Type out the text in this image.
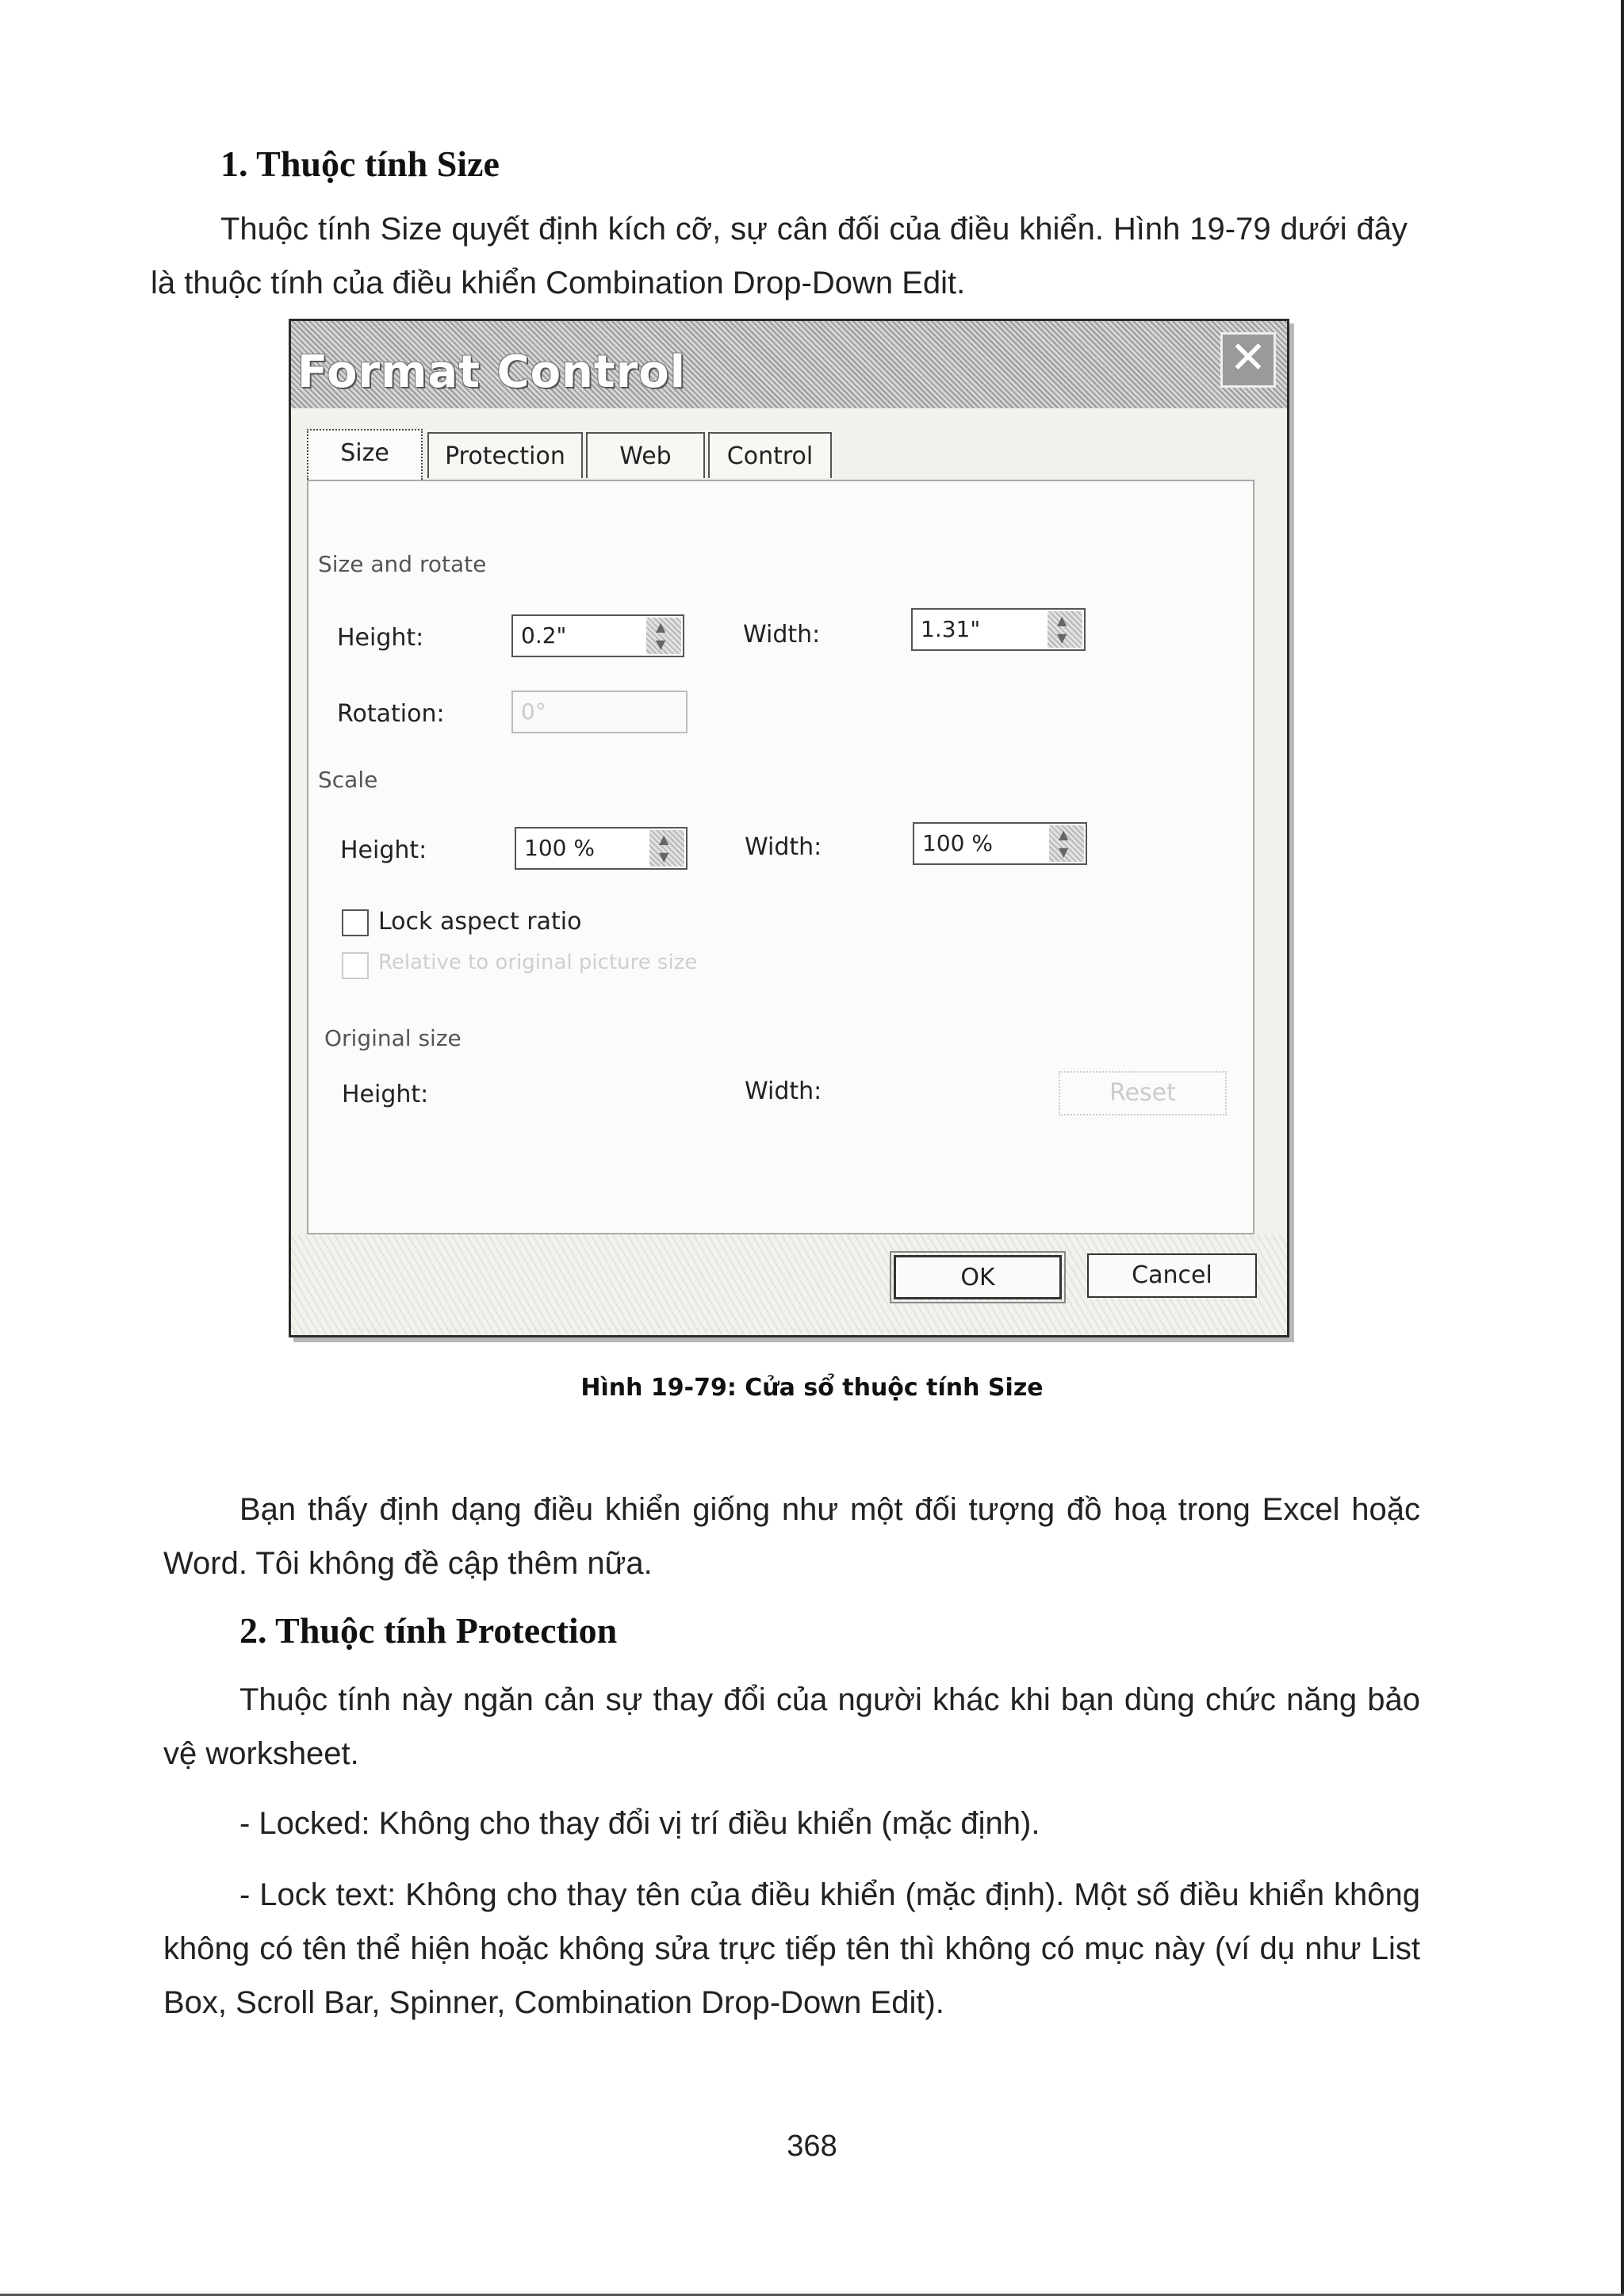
1. Thuộc tính Size
Thuộc tính Size quyết định kích cỡ, sự cân đối của điều khiển. Hình 19-79 dưới đây là thuộc tính của điều khiển Combination Drop-Down Edit.
Format Control	✕
Size	Protection	Web	Control
Size and rotate
Height:	0.2"	▲
▼	Width:	1.31"	▲
▼
Rotation:	0°
Scale
Height:	100 %	▲
▼	Width:	100 %	▲
▼
Lock aspect ratio
Relative to original picture size
Original size
Height:	Width:	Reset
OK	Cancel
Hình 19-79: Cửa sổ thuộc tính Size
Bạn thấy định dạng điều khiển giống như một đối tượng đồ hoạ trong Excel hoặc Word. Tôi không đề cập thêm nữa.
2. Thuộc tính Protection
Thuộc tính này ngăn cản sự thay đổi của người khác khi bạn dùng chức năng bảo vệ worksheet.
- Locked: Không cho thay đổi vị trí điều khiển (mặc định).
- Lock text: Không cho thay tên của điều khiển (mặc định). Một số điều khiển không không có tên thể hiện hoặc không sửa trực tiếp tên thì không có mục này (ví dụ như List Box, Scroll Bar, Spinner, Combination Drop-Down Edit).
368
